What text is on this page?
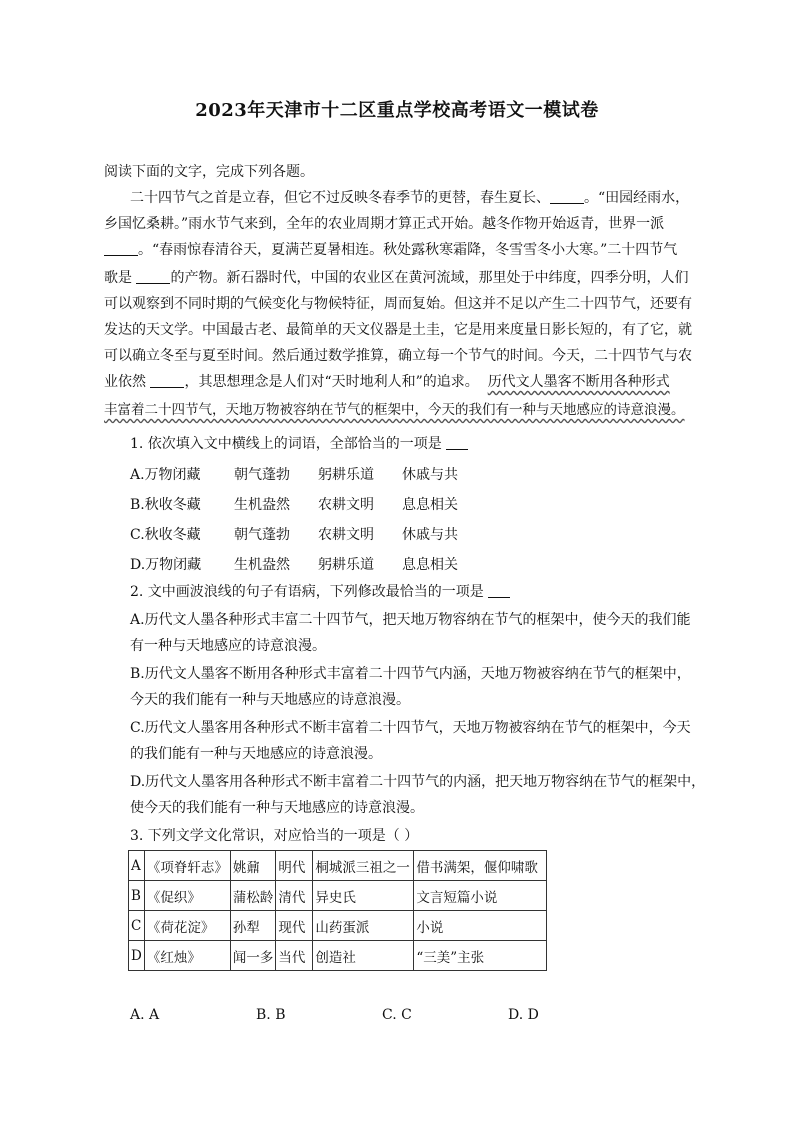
2023年天津市十二区重点学校高考语文一模试卷
阅读下面的文字，完成下列各题。
二十四节气之首是立春，但它不过反映冬春季节的更替，春生夏长、 。“田园经雨水，
乡国忆桑耕。”雨水节气来到，全年的农业周期才算正式开始。越冬作物开始返青，世界一派
。“春雨惊春清谷天，夏满芒夏暑相连。秋处露秋寒霜降，冬雪雪冬小大寒。”二十四节气
歌是	的产物。新石器时代，中国的农业区在黄河流域，那里处于中纬度，四季分明，人们
可以观察到不同时期的气候变化与物候特征，周而复始。但这并不足以产生二十四节气，还要有
发达的天文学。中国最古老、最简单的天文仪器是土圭，它是用来度量日影长短的，有了它，就
可以确立冬至与夏至时间。然后通过数学推算，确立每一个节气的时间。今天，二十四节气与农
业依然	，其思想理念是人们对“天时地利人和”的追求。 历代文人墨客不断用各种形式
丰富着二十四节气，天地万物被容纳在节气的框架中，今天的我们有一种与天地感应的诗意浪漫。
1. 依次填入文中横线上的词语，全部恰当的一项是
A.万物闭藏 朝气蓬勃 躬耕乐道 休戚与共
B.秋收冬藏 生机盎然 农耕文明 息息相关
C.秋收冬藏 朝气蓬勃 农耕文明 休戚与共
D.万物闭藏 生机盎然 躬耕乐道 息息相关
2. 文中画波浪线的句子有语病，下列修改最恰当的一项是
A.历代文人墨各种形式丰富二十四节气，把天地万物容纳在节气的框架中，使今天的我们能
有一种与天地感应的诗意浪漫。
B.历代文人墨客不断用各种形式丰富着二十四节气内涵，天地万物被容纳在节气的框架中，
今天的我们能有一种与天地感应的诗意浪漫。
C.历代文人墨客用各种形式不断丰富着二十四节气，天地万物被容纳在节气的框架中，今天
的我们能有一种与天地感应的诗意浪漫。
D.历代文人墨客用各种形式不断丰富着二十四节气的内涵，把天地万物容纳在节气的框架中，
使今天的我们能有一种与天地感应的诗意浪漫。
3. 下列文学文化常识，对应恰当的一项是（ ）
A	《项脊轩志》	姚鼐	明代	桐城派三祖之一	借书满架，偃仰啸歌
B	《促织》	蒲松龄	清代	异史氏	文言短篇小说
C	《荷花淀》	孙犁	现代	山药蛋派	小说
D	《红烛》	闻一多	当代	创造社	“三美”主张
A. A	B. B	C. C	D. D
